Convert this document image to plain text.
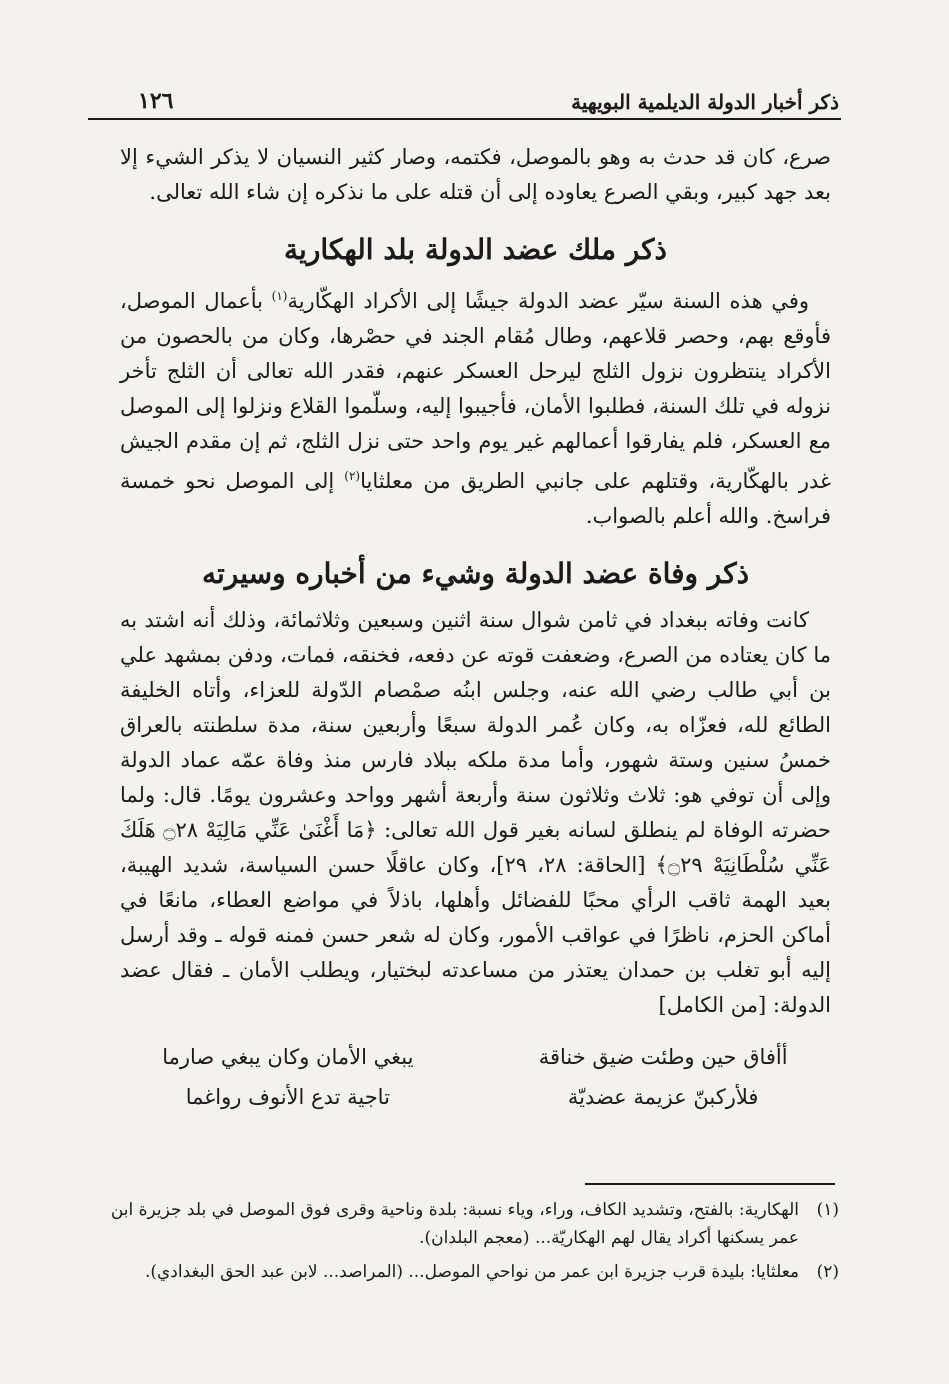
ذكر أخبار الدولة الديلمية البويهية
١٢٦

صرع، كان قد حدث به وهو بالموصل، فكتمه، وصار كثير النسيان لا يذكر الشيء إلا بعد جهد كبير، وبقي الصرع يعاوده إلى أن قتله على ما نذكره إن شاء الله تعالى.

ذكر ملك عضد الدولة بلد الهكارية

وفي هذه السنة سيّر عضد الدولة جيشًا إلى الأكراد الهكّارية$^{(١)}$ بأعمال الموصل، فأوقع بهم، وحصر قلاعهم، وطال مُقام الجند في حصْرها، وكان من بالحصون من الأكراد ينتظرون نزول الثلج ليرحل العسكر عنهم، فقدر الله تعالى أن الثلج تأخر نزوله في تلك السنة، فطلبوا الأمان، فأجيبوا إليه، وسلّموا القلاع ونزلوا إلى الموصل مع العسكر، فلم يفارقوا أعمالهم غير يوم واحد حتى نزل الثلج، ثم إن مقدم الجيش غدر بالهكّارية، وقتلهم على جانبي الطريق من معلثايا$^{(٢)}$ إلى الموصل نحو خمسة فراسخ. والله أعلم بالصواب.

ذكر وفاة عضد الدولة وشيء من أخباره وسيرته

كانت وفاته ببغداد في ثامن شوال سنة اثنين وسبعين وثلاثمائة، وذلك أنه اشتد به ما كان يعتاده من الصرع، وضعفت قوته عن دفعه، فخنقه، فمات، ودفن بمشهد علي بن أبي طالب رضي الله عنه، وجلس ابنُه صمْصام الدّولة للعزاء، وأتاه الخليفة الطائع لله، فعزّاه به، وكان عُمر الدولة سبعًا وأربعين سنة، مدة سلطنته بالعراق خمسُ سنين وستة شهور، وأما مدة ملكه ببلاد فارس منذ وفاة عمّه عماد الدولة وإلى أن توفي هو: ثلاث وثلاثون سنة وأربعة أشهر وواحد وعشرون يومًا. قال: ولما حضرته الوفاة لم ينطلق لسانه بغير قول الله تعالى: ﴿مَا أَغْنَىٰ عَنِّي مَالِيَهْ ۝٢٨ هَلَكَ عَنِّي سُلْطَانِيَهْ ۝٢٩﴾ [الحاقة: ٢٨، ٢٩]، وكان عاقلًا حسن السياسة، شديد الهيبة، بعيد الهمة ثاقب الرأي محبًا للفضائل وأهلها، باذلاً في مواضع العطاء، مانعًا في أماكن الحزم، ناظرًا في عواقب الأمور، وكان له شعر حسن فمنه قوله ـ وقد أرسل إليه أبو تغلب بن حمدان يعتذر من مساعدته لبختيار، ويطلب الأمان ـ فقال عضد الدولة: [من الكامل]

أأفاق حين وطئت ضيق خناقة
يبغي الأمان وكان يبغي صارما
فلأركبنّ عزيمة عضديّة
تاجية تدع الأنوف رواغما
(١)
الهكارية: بالفتح، وتشديد الكاف، وراء، وياء نسبة: بلدة وناحية وقرى فوق الموصل في بلد جزيرة ابن عمر يسكنها أكراد يقال لهم الهكاريّة... (معجم البلدان).
(٢)
معلثايا: بليدة قرب جزيرة ابن عمر من نواحي الموصل... (المراصد... لابن عبد الحق البغدادي).
